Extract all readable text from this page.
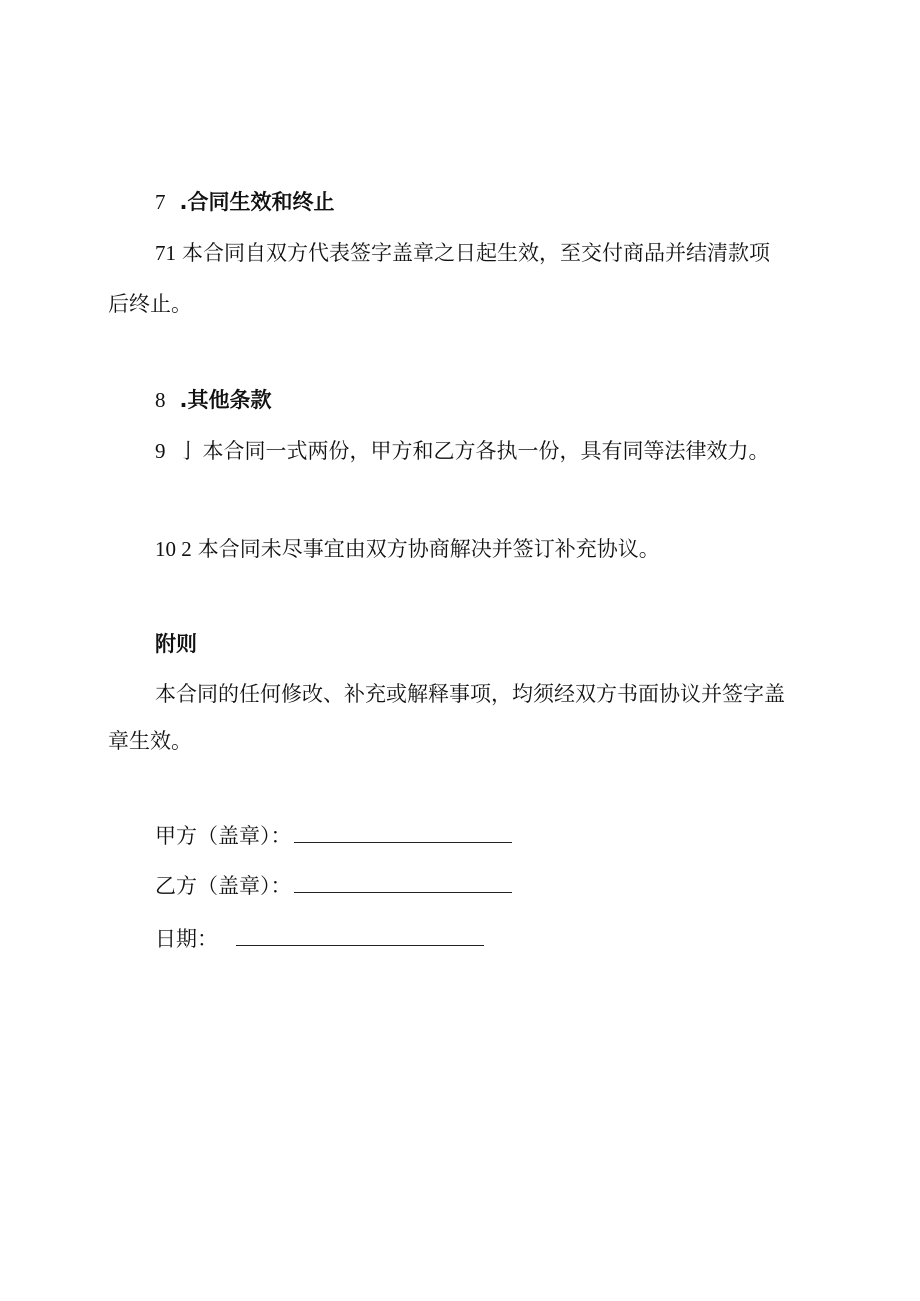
7 .合同生效和终止

71 本合同自双方代表签字盖章之日起生效，至交付商品并结清款项

后终止。

8 .其他条款

9 亅 本合同一式两份，甲方和乙方各执一份，具有同等法律效力。

10 2 本合同未尽事宜由双方协商解决并签订补充协议。

附则

本合同的任何修改、补充或解释事项，均须经双方书面协议并签字盖

章生效。

甲方（盖章）：

乙方（盖章）：

日期：
